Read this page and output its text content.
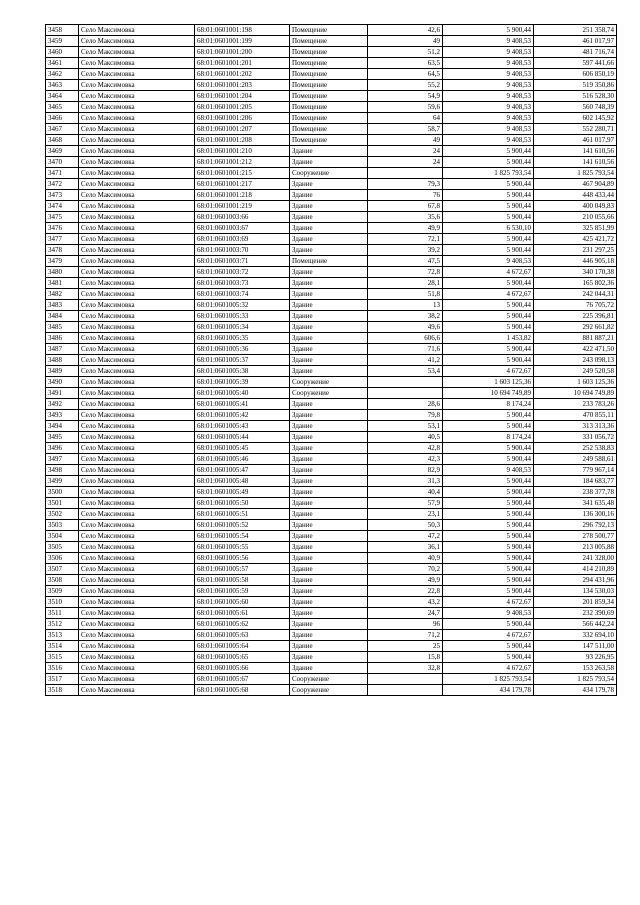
3458	Село Максимовка	68:01:0601001:198	Помещение	42,6	5 900,44	251 358,74
3459	Село Максимовка	68:01:0601001:199	Помещение	49	9 408,53	461 017,97
3460	Село Максимовка	68:01:0601001:200	Помещение	51,2	9 408,53	481 716,74
3461	Село Максимовка	68:01:0601001:201	Помещение	63,5	9 408,53	597 441,66
3462	Село Максимовка	68:01:0601001:202	Помещение	64,5	9 408,53	606 850,19
3463	Село Максимовка	68:01:0601001:203	Помещение	55,2	9 408,53	519 350,86
3464	Село Максимовка	68:01:0601001:204	Помещение	54,9	9 408,53	516 528,30
3465	Село Максимовка	68:01:0601001:205	Помещение	59,6	9 408,53	560 748,39
3466	Село Максимовка	68:01:0601001:206	Помещение	64	9 408,53	602 145,92
3467	Село Максимовка	68:01:0601001:207	Помещение	58,7	9 408,53	552 280,71
3468	Село Максимовка	68:01:0601001:208	Помещение	49	9 408,53	461 017,97
3469	Село Максимовка	68:01:0601001:210	Здание	24	5 900,44	141 610,56
3470	Село Максимовка	68:01:0601001:212	Здание	24	5 900,44	141 610,56
3471	Село Максимовка	68:01:0601001:215	Сооружение		1 825 793,54	1 825 793,54
3472	Село Максимовка	68:01:0601001:217	Здание	79,3	5 900,44	467 904,89
3473	Село Максимовка	68:01:0601001:218	Здание	76	5 900,44	448 433,44
3474	Село Максимовка	68:01:0601001:219	Здание	67,8	5 900,44	400 049,83
3475	Село Максимовка	68:01:0601003:66	Здание	35,6	5 900,44	210 055,66
3476	Село Максимовка	68:01:0601003:67	Здание	49,9	6 530,10	325 851,99
3477	Село Максимовка	68:01:0601003:69	Здание	72,1	5 900,44	425 421,72
3478	Село Максимовка	68:01:0601003:70	Здание	39,2	5 900,44	231 297,25
3479	Село Максимовка	68:01:0601003:71	Помещение	47,5	9 408,53	446 905,18
3480	Село Максимовка	68:01:0601003:72	Здание	72,8	4 672,67	340 170,38
3481	Село Максимовка	68:01:0601003:73	Здание	28,1	5 900,44	165 802,36
3482	Село Максимовка	68:01:0601003:74	Здание	51,8	4 672,67	242 044,31
3483	Село Максимовка	68:01:0601005:32	Здание	13	5 900,44	76 705,72
3484	Село Максимовка	68:01:0601005:33	Здание	38,2	5 900,44	225 396,81
3485	Село Максимовка	68:01:0601005:34	Здание	49,6	5 900,44	292 661,82
3486	Село Максимовка	68:01:0601005:35	Здание	606,6	1 453,82	881 887,21
3487	Село Максимовка	68:01:0601005:36	Здание	71,6	5 900,44	422 471,50
3488	Село Максимовка	68:01:0601005:37	Здание	41,2	5 900,44	243 098,13
3489	Село Максимовка	68:01:0601005:38	Здание	53,4	4 672,67	249 520,58
3490	Село Максимовка	68:01:0601005:39	Сооружение		1 603 125,36	1 603 125,36
3491	Село Максимовка	68:01:0601005:40	Сооружение		10 694 749,89	10 694 749,89
3492	Село Максимовка	68:01:0601005:41	Здание	28,6	8 174,24	233 783,26
3493	Село Максимовка	68:01:0601005:42	Здание	79,8	5 900,44	470 855,11
3494	Село Максимовка	68:01:0601005:43	Здание	53,1	5 900,44	313 313,36
3495	Село Максимовка	68:01:0601005:44	Здание	40,5	8 174,24	331 056,72
3496	Село Максимовка	68:01:0601005:45	Здание	42,8	5 900,44	252 538,83
3497	Село Максимовка	68:01:0601005:46	Здание	42,3	5 900,44	249 588,61
3498	Село Максимовка	68:01:0601005:47	Здание	82,9	9 408,53	779 967,14
3499	Село Максимовка	68:01:0601005:48	Здание	31,3	5 900,44	184 683,77
3500	Село Максимовка	68:01:0601005:49	Здание	40,4	5 900,44	238 377,78
3501	Село Максимовка	68:01:0601005:50	Здание	57,9	5 900,44	341 635,48
3502	Село Максимовка	68:01:0601005:51	Здание	23,1	5 900,44	136 300,16
3503	Село Максимовка	68:01:0601005:52	Здание	50,3	5 900,44	296 792,13
3504	Село Максимовка	68:01:0601005:54	Здание	47,2	5 900,44	278 500,77
3505	Село Максимовка	68:01:0601005:55	Здание	36,1	5 900,44	213 005,88
3506	Село Максимовка	68:01:0601005:56	Здание	40,9	5 900,44	241 328,00
3507	Село Максимовка	68:01:0601005:57	Здание	70,2	5 900,44	414 210,89
3508	Село Максимовка	68:01:0601005:58	Здание	49,9	5 900,44	294 431,96
3509	Село Максимовка	68:01:0601005:59	Здание	22,8	5 900,44	134 530,03
3510	Село Максимовка	68:01:0601005:60	Здание	43,2	4 672,67	201 859,34
3511	Село Максимовка	68:01:0601005:61	Здание	24,7	9 408,53	232 390,69
3512	Село Максимовка	68:01:0601005:62	Здание	96	5 900,44	566 442,24
3513	Село Максимовка	68:01:0601005:63	Здание	71,2	4 672,67	332 694,10
3514	Село Максимовка	68:01:0601005:64	Здание	25	5 900,44	147 511,00
3515	Село Максимовка	68:01:0601005:65	Здание	15,8	5 900,44	93 226,95
3516	Село Максимовка	68:01:0601005:66	Здание	32,8	4 672,67	153 263,58
3517	Село Максимовка	68:01:0601005:67	Сооружение		1 825 793,54	1 825 793,54
3518	Село Максимовка	68:01:0601005:68	Сооружение		434 179,78	434 179,78
